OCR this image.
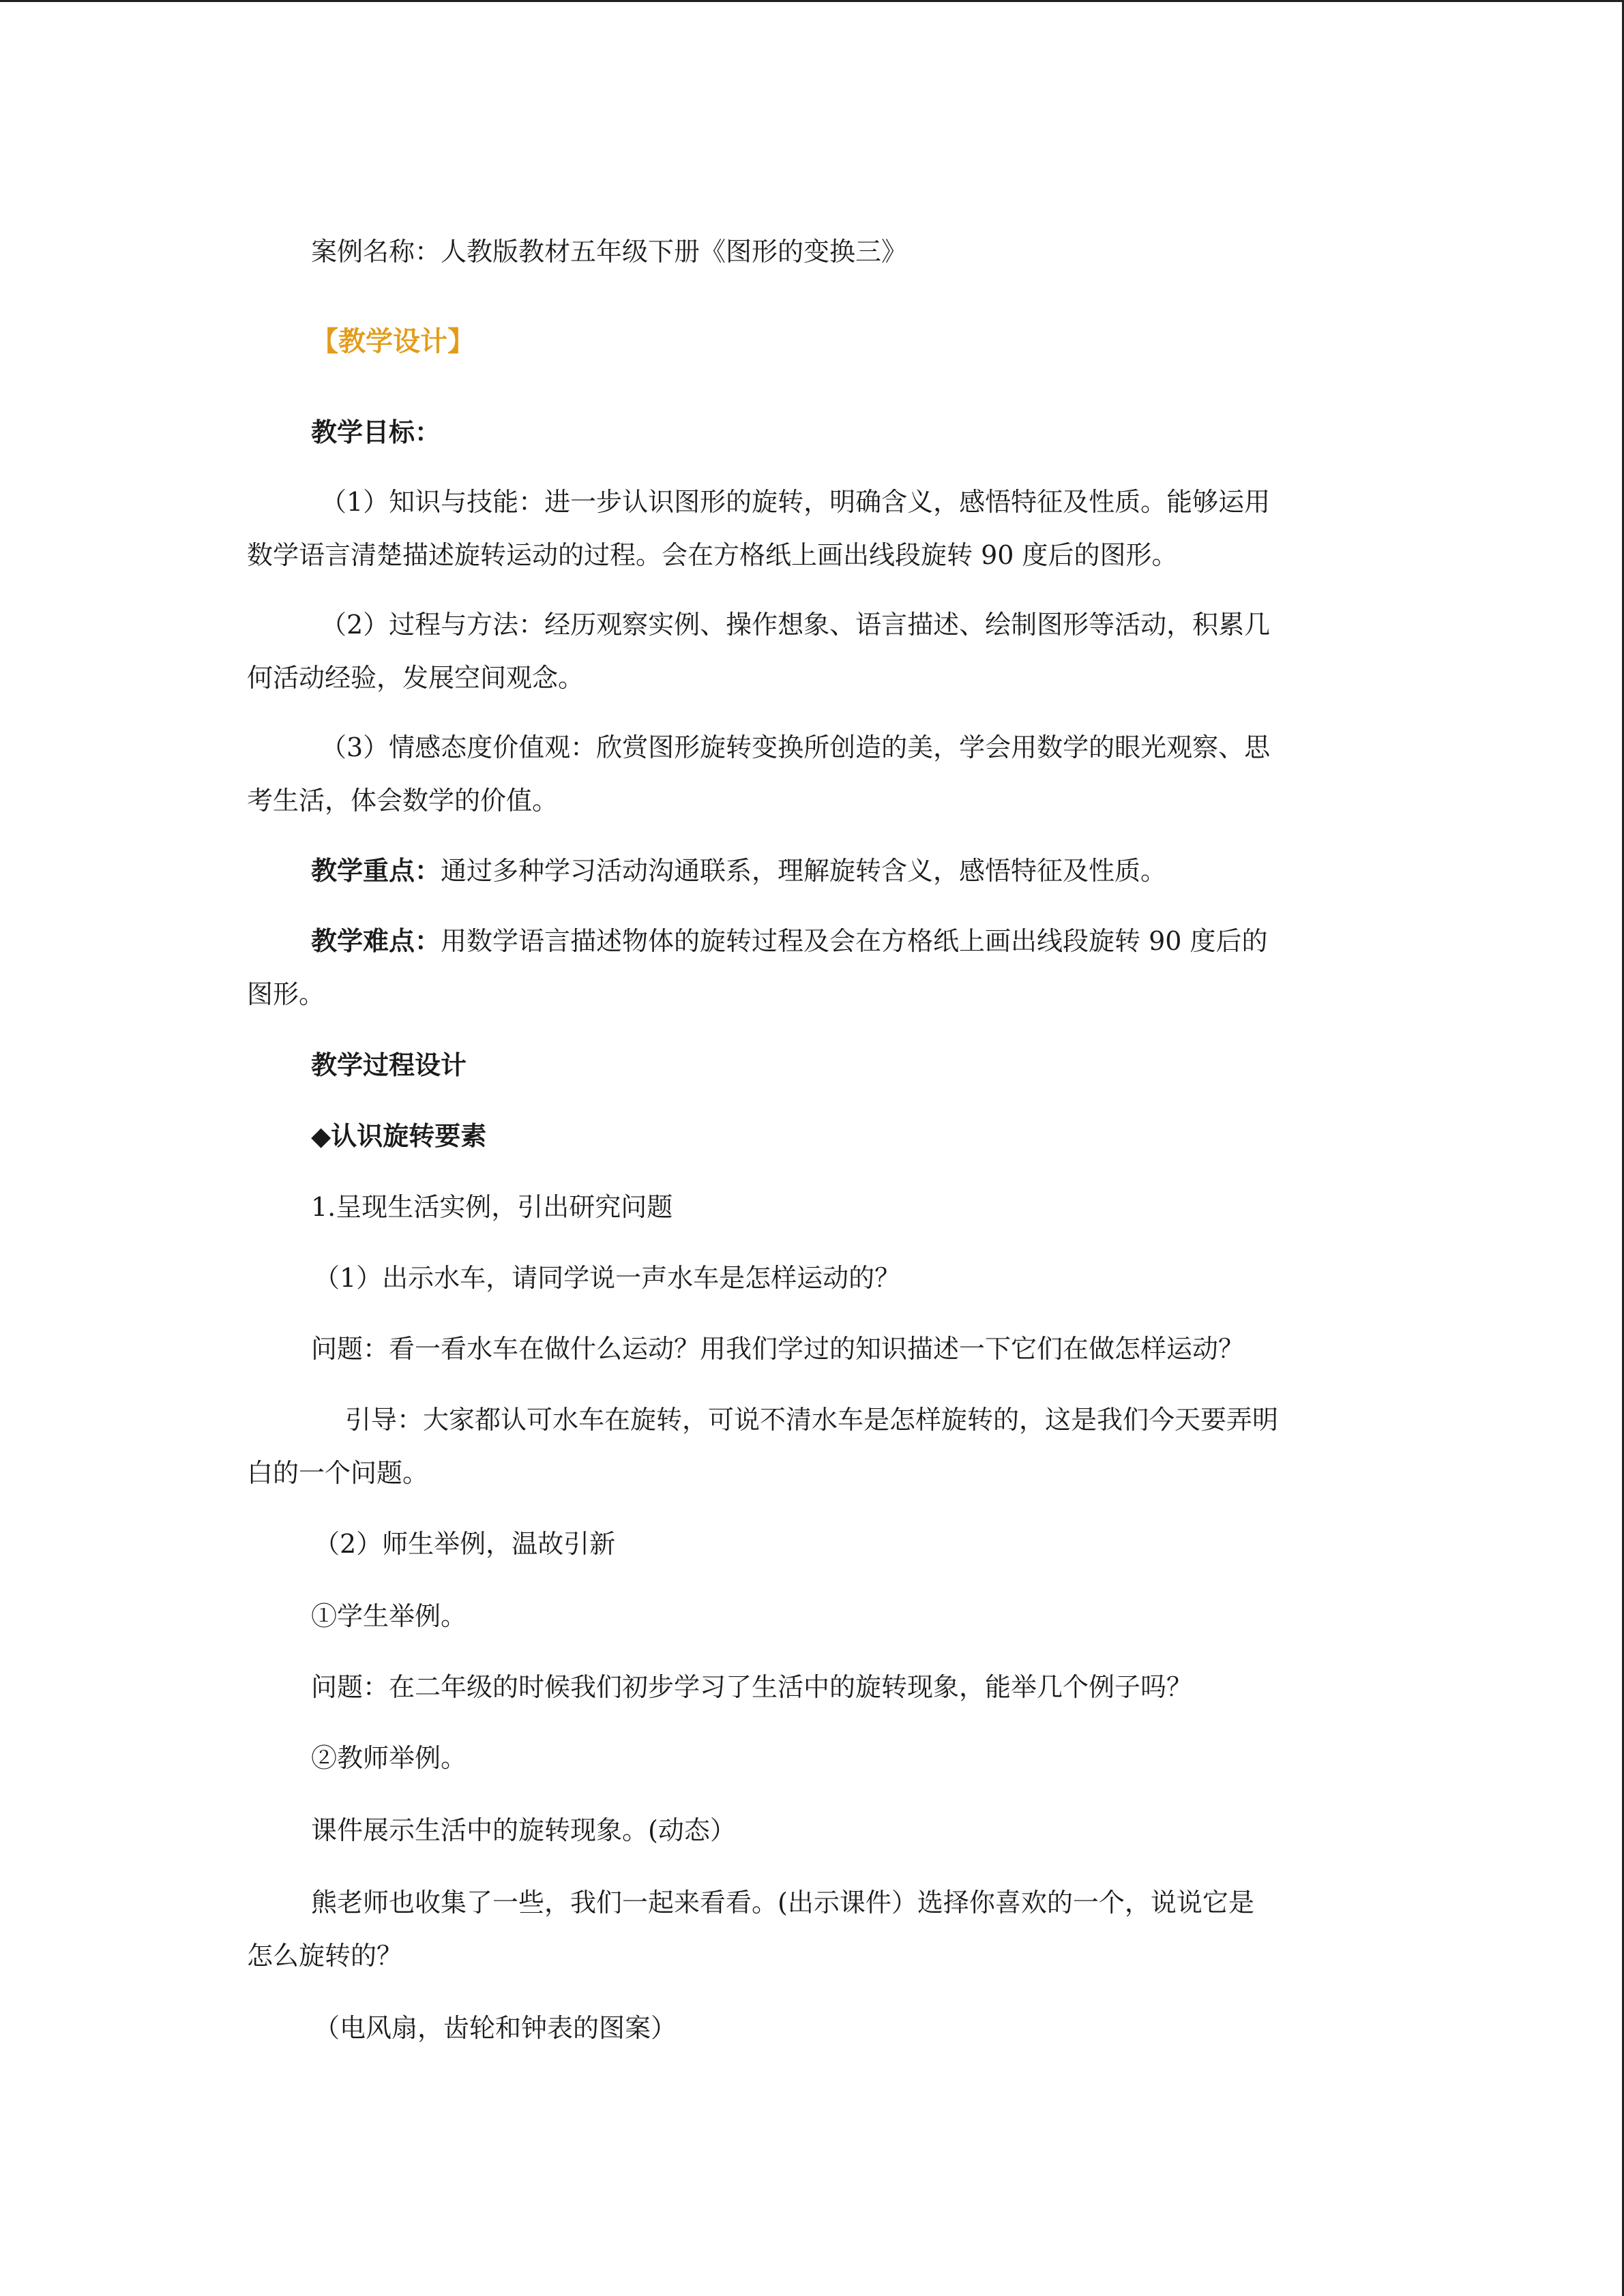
案例名称：人教版教材五年级下册《图形的变换三》

【教学设计】

教学目标：

（1）知识与技能：进一步认识图形的旋转，明确含义，感悟特征及性质。能够运用

数学语言清楚描述旋转运动的过程。会在方格纸上画出线段旋转 90 度后的图形。

（2）过程与方法：经历观察实例、操作想象、语言描述、绘制图形等活动，积累几

何活动经验，发展空间观念。

（3）情感态度价值观：欣赏图形旋转变换所创造的美，学会用数学的眼光观察、思

考生活，体会数学的价值。

教学重点：通过多种学习活动沟通联系，理解旋转含义，感悟特征及性质。

教学难点：用数学语言描述物体的旋转过程及会在方格纸上画出线段旋转 90 度后的

图形。

教学过程设计

◆认识旋转要素

1.呈现生活实例，引出研究问题

（1）出示水车，请同学说一声水车是怎样运动的？

问题：看一看水车在做什么运动？用我们学过的知识描述一下它们在做怎样运动？

引导：大家都认可水车在旋转，可说不清水车是怎样旋转的，这是我们今天要弄明

白的一个问题。

（2）师生举例，温故引新

①学生举例。

问题：在二年级的时候我们初步学习了生活中的旋转现象，能举几个例子吗？

②教师举例。

课件展示生活中的旋转现象。(动态）

熊老师也收集了一些，我们一起来看看。(出示课件）选择你喜欢的一个，说说它是

怎么旋转的？

（电风扇，齿轮和钟表的图案）
